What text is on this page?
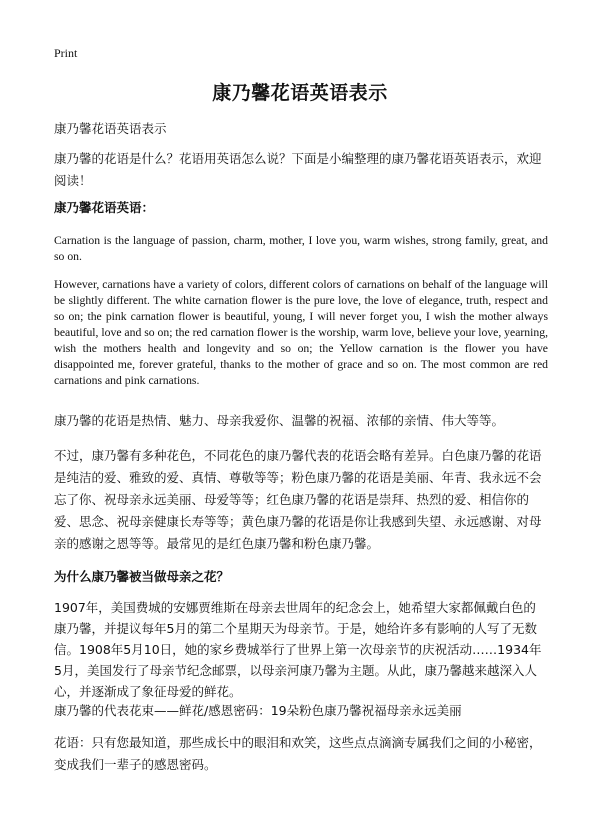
Print
康乃馨花语英语表示

康乃馨花语英语表示

康乃馨的花语是什么？花语用英语怎么说？下面是小编整理的康乃馨花语英语表示，欢迎阅读！

康乃馨花语英语：

Carnation is the language of passion, charm, mother, I love you, warm wishes, strong family, great, and so on.

However, carnations have a variety of colors, different colors of carnations on behalf of the language will be slightly different. The white carnation flower is the pure love, the love of elegance, truth, respect and so on; the pink carnation flower is beautiful, young, I will never forget you, I wish the mother always beautiful, love and so on; the red carnation flower is the worship, warm love, believe your love, yearning, wish the mothers health and longevity and so on; the Yellow carnation is the flower you have disappointed me, forever grateful, thanks to the mother of grace and so on. The most common are red carnations and pink carnations.

康乃馨的花语是热情、魅力、母亲我爱你、温馨的祝福、浓郁的亲情、伟大等等。

不过，康乃馨有多种花色，不同花色的康乃馨代表的花语会略有差异。白色康乃馨的花语是纯洁的爱、雅致的爱、真情、尊敬等等；粉色康乃馨的花语是美丽、年青、我永远不会忘了你、祝母亲永远美丽、母爱等等；红色康乃馨的花语是崇拜、热烈的爱、相信你的爱、思念、祝母亲健康长寿等等；黄色康乃馨的花语是你让我感到失望、永远感谢、对母亲的感谢之恩等等。最常见的是红色康乃馨和粉色康乃馨。

为什么康乃馨被当做母亲之花？

1907年，美国费城的安娜贾维斯在母亲去世周年的纪念会上，她希望大家都佩戴白色的康乃馨，并提议每年5月的第二个星期天为母亲节。于是，她给许多有影响的人写了无数信。1908年5月10日，她的家乡费城举行了世界上第一次母亲节的庆祝活动……1934年5月，美国发行了母亲节纪念邮票，以母亲河康乃馨为主题。从此，康乃馨越来越深入人心，并逐渐成了象征母爱的鲜花。

康乃馨的代表花束——鲜花/感恩密码：19朵粉色康乃馨祝福母亲永远美丽

花语：只有您最知道，那些成长中的眼泪和欢笑，这些点点滴滴专属我们之间的小秘密，变成我们一辈子的感恩密码。
